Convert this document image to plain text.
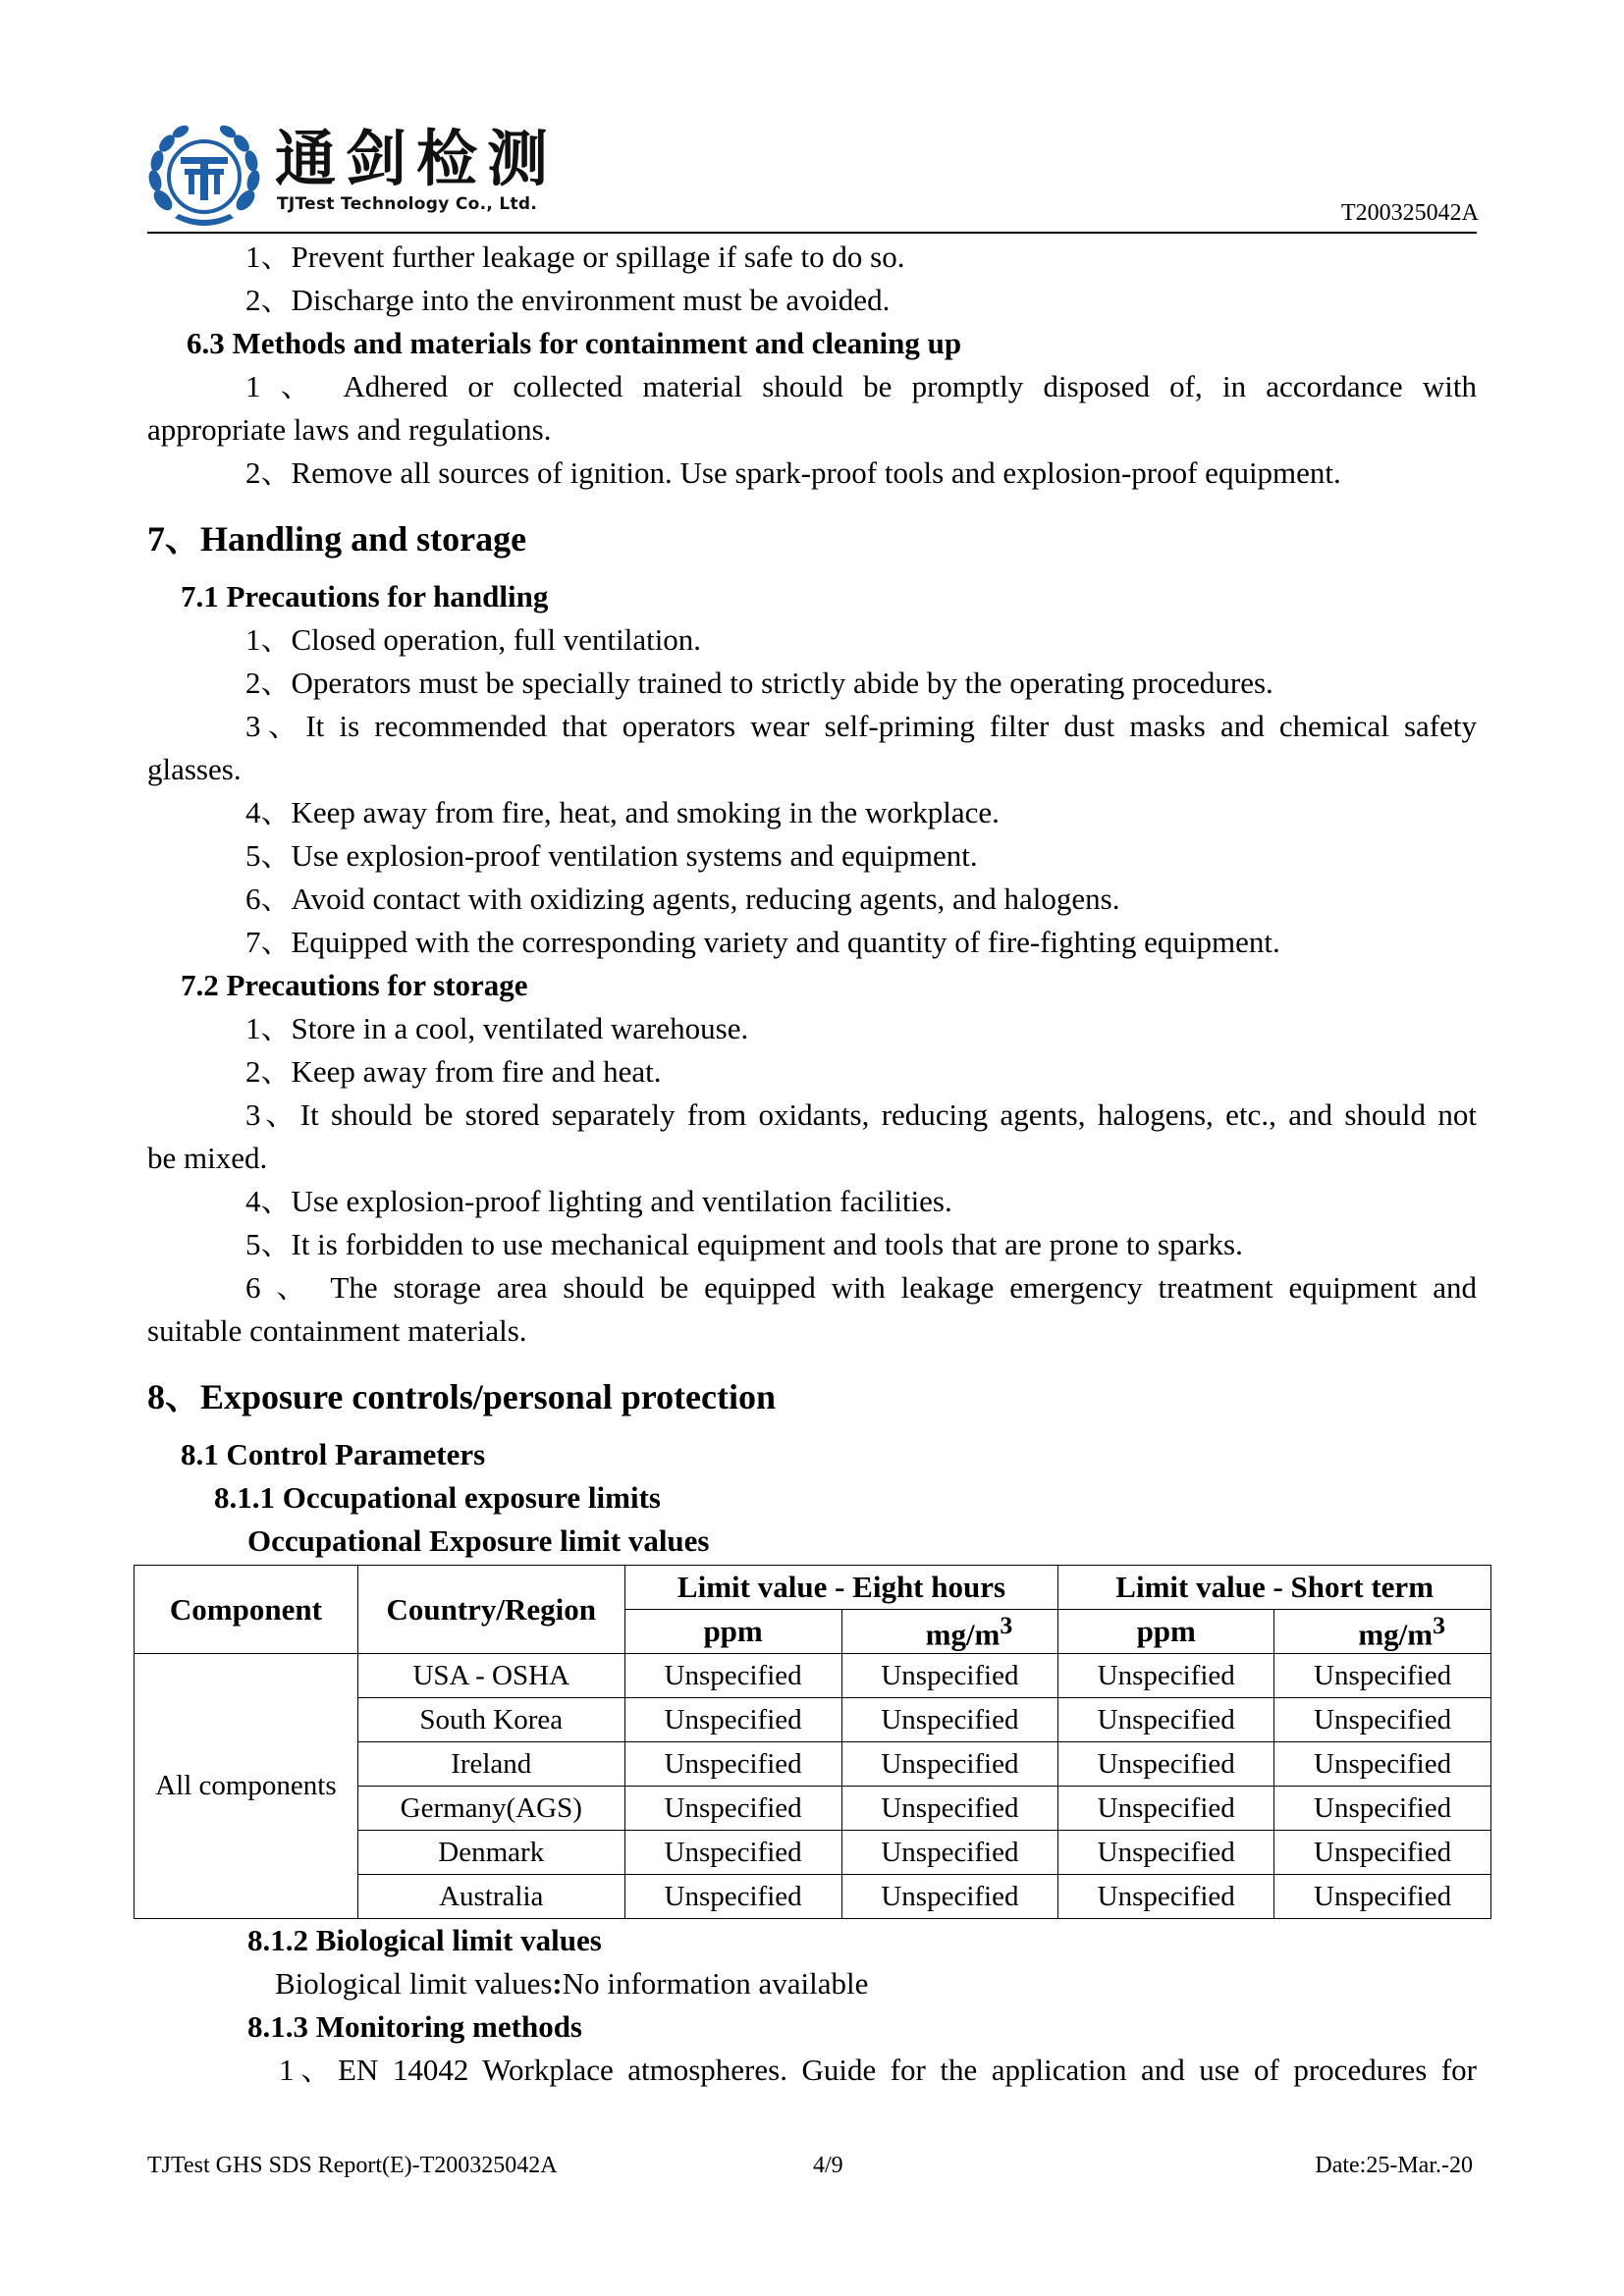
通剑检测
TJTest Technology Co., Ltd.	T200325042A
1、Prevent further leakage or spillage if safe to do so.
2、Discharge into the environment must be avoided.
6.3 Methods and materials for containment and cleaning up
1 、 Adhered or collected material should be promptly disposed of, in accordance with
appropriate laws and regulations.
2、Remove all sources of ignition. Use spark-proof tools and explosion-proof equipment.
7、Handling and storage
7.1 Precautions for handling
1、Closed operation, full ventilation.
2、Operators must be specially trained to strictly abide by the operating procedures.
3、It is recommended that operators wear self-priming filter dust masks and chemical safety
glasses.
4、Keep away from fire, heat, and smoking in the workplace.
5、Use explosion-proof ventilation systems and equipment.
6、Avoid contact with oxidizing agents, reducing agents, and halogens.
7、Equipped with the corresponding variety and quantity of fire-fighting equipment.
7.2 Precautions for storage
1、Store in a cool, ventilated warehouse.
2、Keep away from fire and heat.
3、It should be stored separately from oxidants, reducing agents, halogens, etc., and should not
be mixed.
4、Use explosion-proof lighting and ventilation facilities.
5、It is forbidden to use mechanical equipment and tools that are prone to sparks.
6 、 The storage area should be equipped with leakage emergency treatment equipment and
suitable containment materials.
8、Exposure controls/personal protection
8.1 Control Parameters
8.1.1 Occupational exposure limits
Occupational Exposure limit values
Component	Country/Region	Limit value - Eight hours		Limit value - Short term	
		ppm	$mg/m^3$	ppm	$mg/m^3$
All components	USA - OSHA	Unspecified	Unspecified	Unspecified	Unspecified
	South Korea	Unspecified	Unspecified	Unspecified	Unspecified
	Ireland	Unspecified	Unspecified	Unspecified	Unspecified
	Germany(AGS)	Unspecified	Unspecified	Unspecified	Unspecified
	Denmark	Unspecified	Unspecified	Unspecified	Unspecified
	Australia	Unspecified	Unspecified	Unspecified	Unspecified
8.1.2 Biological limit values
Biological limit values:No information available
8.1.3 Monitoring methods
1、EN 14042 Workplace atmospheres. Guide for the application and use of procedures for
TJTest GHS SDS Report(E)-T200325042A	4/9	Date:25-Mar.-20
